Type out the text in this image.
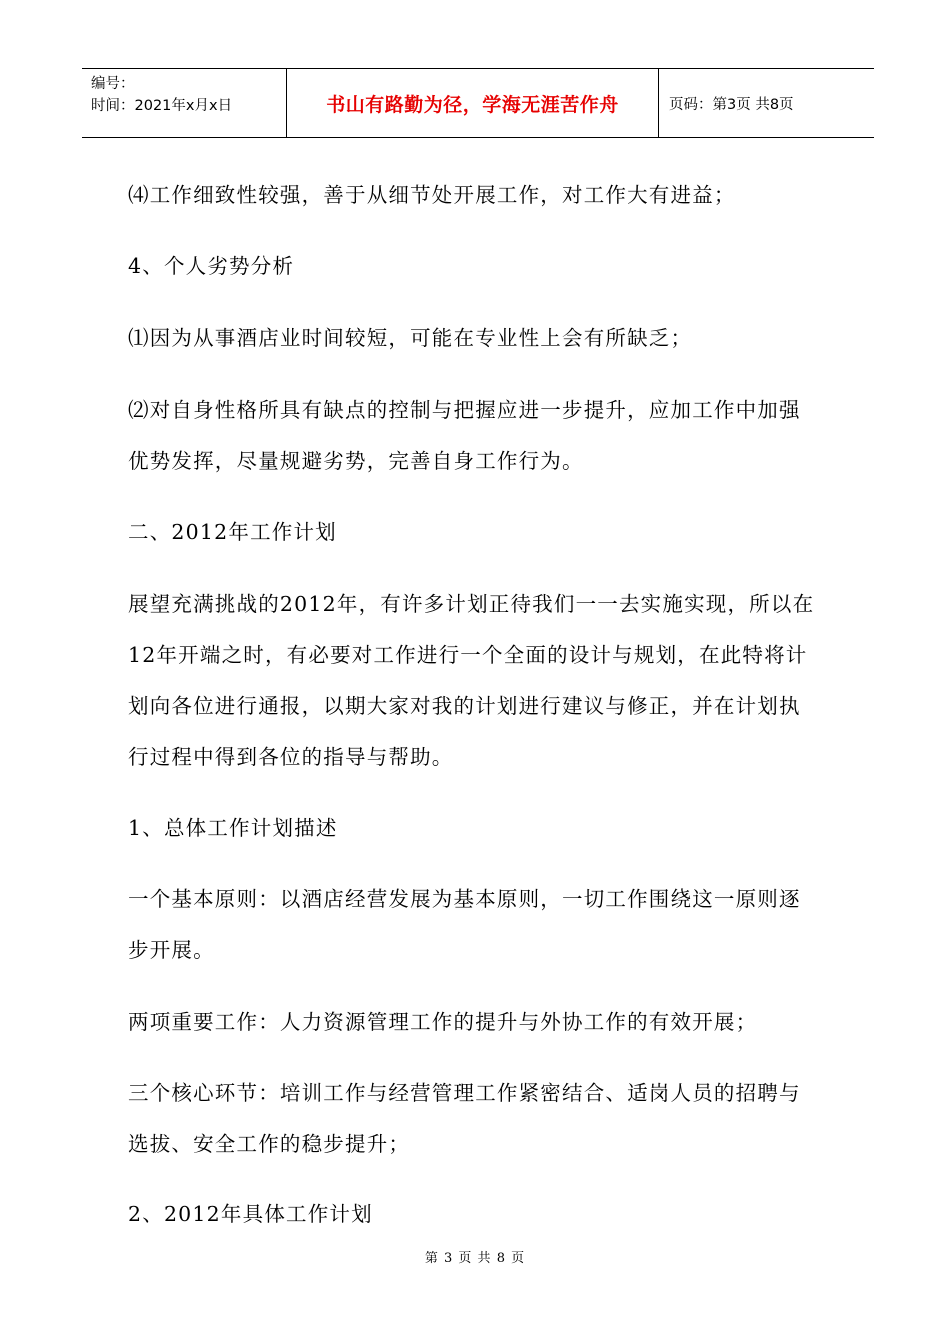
编号：
时间：2021年x月x日	书山有路勤为径，学海无涯苦作舟	页码：第3页 共8页

⑷工作细致性较强，善于从细节处开展工作，对工作大有进益；

4、个人劣势分析

⑴因为从事酒店业时间较短，可能在专业性上会有所缺乏；

⑵对自身性格所具有缺点的控制与把握应进一步提升，应加工作中加强
优势发挥，尽量规避劣势，完善自身工作行为。

二、2012年工作计划

展望充满挑战的2012年，有许多计划正待我们一一去实施实现，所以在
12年开端之时，有必要对工作进行一个全面的设计与规划，在此特将计
划向各位进行通报，以期大家对我的计划进行建议与修正，并在计划执
行过程中得到各位的指导与帮助。

1、总体工作计划描述

一个基本原则：以酒店经营发展为基本原则，一切工作围绕这一原则逐
步开展。

两项重要工作：人力资源管理工作的提升与外协工作的有效开展；

三个核心环节：培训工作与经营管理工作紧密结合、适岗人员的招聘与
选拔、安全工作的稳步提升；

2、2012年具体工作计划

第 3 页 共 8 页
